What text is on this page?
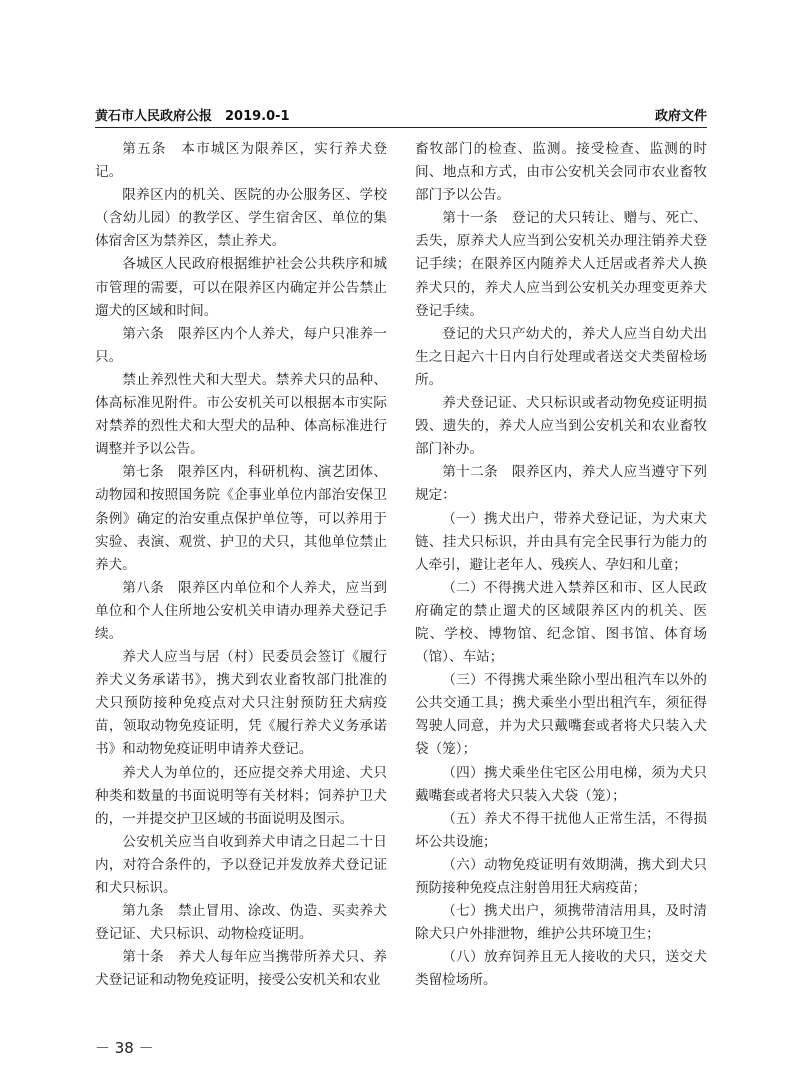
黄石市人民政府公报　2019.0-1	政府文件

第五条　本市城区为限养区，实行养犬登记。

限养区内的机关、医院的办公服务区、学校（含幼儿园）的教学区、学生宿舍区、单位的集体宿舍区为禁养区，禁止养犬。

各城区人民政府根据维护社会公共秩序和城市管理的需要，可以在限养区内确定并公告禁止遛犬的区域和时间。

第六条　限养区内个人养犬，每户只准养一只。

禁止养烈性犬和大型犬。禁养犬只的品种、体高标准见附件。市公安机关可以根据本市实际对禁养的烈性犬和大型犬的品种、体高标准进行调整并予以公告。

第七条　限养区内，科研机构、演艺团体、动物园和按照国务院《企事业单位内部治安保卫条例》确定的治安重点保护单位等，可以养用于实验、表演、观赏、护卫的犬只，其他单位禁止养犬。

第八条　限养区内单位和个人养犬，应当到单位和个人住所地公安机关申请办理养犬登记手续。

养犬人应当与居（村）民委员会签订《履行养犬义务承诺书》，携犬到农业畜牧部门批准的犬只预防接种免疫点对犬只注射预防狂犬病疫苗，领取动物免疫证明，凭《履行养犬义务承诺书》和动物免疫证明申请养犬登记。

养犬人为单位的，还应提交养犬用途、犬只种类和数量的书面说明等有关材料；饲养护卫犬的，一并提交护卫区域的书面说明及图示。

公安机关应当自收到养犬申请之日起二十日内，对符合条件的，予以登记并发放养犬登记证和犬只标识。

第九条　禁止冒用、涂改、伪造、买卖养犬登记证、犬只标识、动物检疫证明。

第十条　养犬人每年应当携带所养犬只、养犬登记证和动物免疫证明，接受公安机关和农业

畜牧部门的检查、监测。接受检查、监测的时间、地点和方式，由市公安机关会同市农业畜牧部门予以公告。

第十一条　登记的犬只转让、赠与、死亡、丢失，原养犬人应当到公安机关办理注销养犬登记手续；在限养区内随养犬人迁居或者养犬人换养犬只的，养犬人应当到公安机关办理变更养犬登记手续。

登记的犬只产幼犬的，养犬人应当自幼犬出生之日起六十日内自行处理或者送交犬类留检场所。

养犬登记证、犬只标识或者动物免疫证明损毁、遗失的，养犬人应当到公安机关和农业畜牧部门补办。

第十二条　限养区内，养犬人应当遵守下列规定：

（一）携犬出户，带养犬登记证，为犬束犬链、挂犬只标识，并由具有完全民事行为能力的人牵引，避让老年人、残疾人、孕妇和儿童；

（二）不得携犬进入禁养区和市、区人民政府确定的禁止遛犬的区域限养区内的机关、医院、学校、博物馆、纪念馆、图书馆、体育场（馆）、车站；

（三）不得携犬乘坐除小型出租汽车以外的公共交通工具；携犬乘坐小型出租汽车，须征得驾驶人同意，并为犬只戴嘴套或者将犬只装入犬袋（笼）；

（四）携犬乘坐住宅区公用电梯，须为犬只戴嘴套或者将犬只装入犬袋（笼）；

（五）养犬不得干扰他人正常生活，不得损坏公共设施；

（六）动物免疫证明有效期满，携犬到犬只预防接种免疫点注射兽用狂犬病疫苗；

（七）携犬出户，须携带清洁用具，及时清除犬只户外排泄物，维护公共环境卫生；

（八）放弃饲养且无人接收的犬只，送交犬类留检场所。

－ 38 －
